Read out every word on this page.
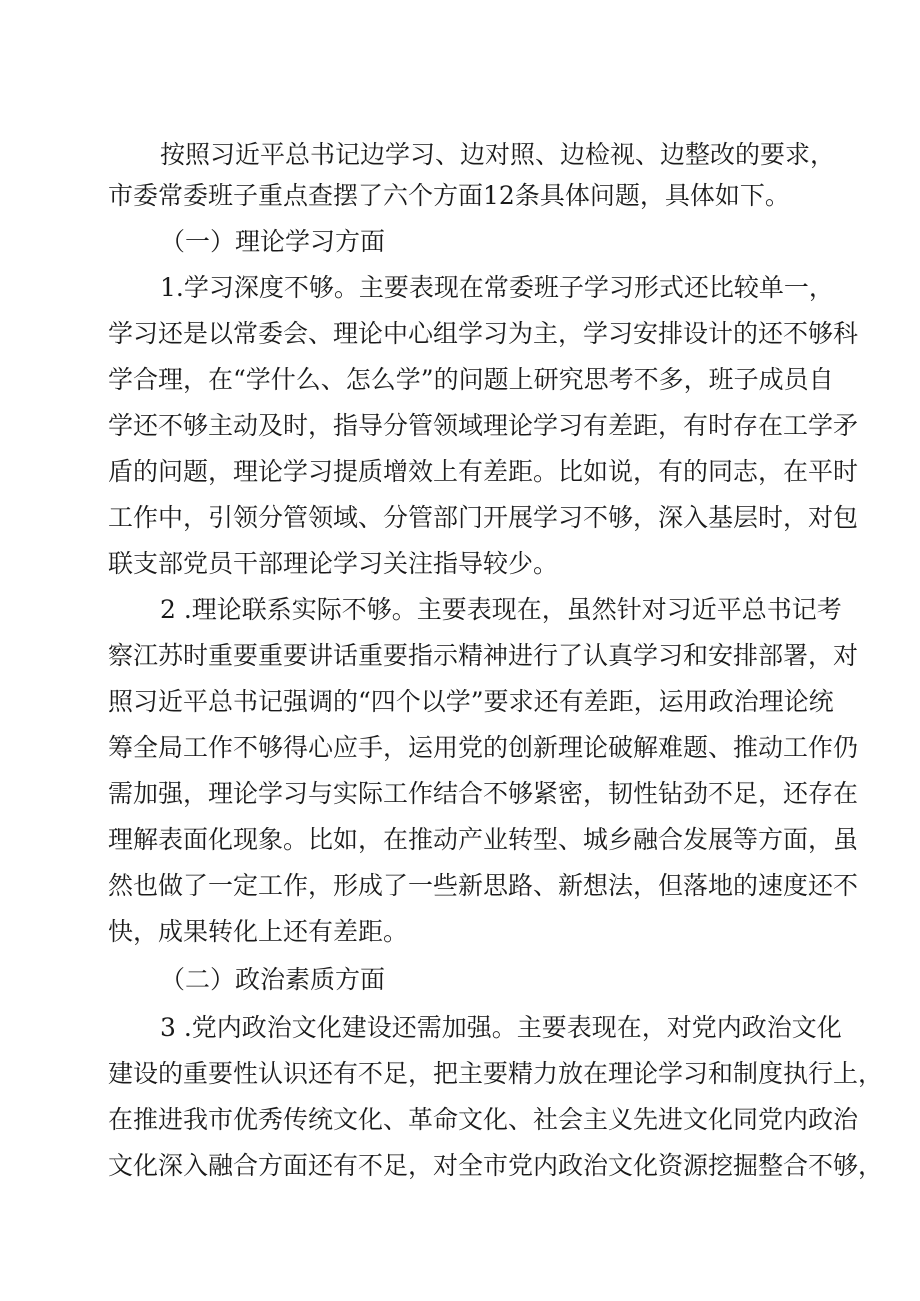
按照习近平总书记边学习、边对照、边检视、边整改的要求，
市委常委班子重点查摆了六个方面12条具体问题，具体如下。
（一）理论学习方面
1.学习深度不够。主要表现在常委班子学习形式还比较单一，
学习还是以常委会、理论中心组学习为主，学习安排设计的还不够科
学合理，在“学什么、怎么学”的问题上研究思考不多，班子成员自
学还不够主动及时，指导分管领域理论学习有差距，有时存在工学矛
盾的问题，理论学习提质增效上有差距。比如说，有的同志，在平时
工作中，引领分管领域、分管部门开展学习不够，深入基层时，对包
联支部党员干部理论学习关注指导较少。
2 .理论联系实际不够。主要表现在，虽然针对习近平总书记考
察江苏时重要重要讲话重要指示精神进行了认真学习和安排部署，对
照习近平总书记强调的“四个以学”要求还有差距，运用政治理论统
筹全局工作不够得心应手，运用党的创新理论破解难题、推动工作仍
需加强，理论学习与实际工作结合不够紧密，韧性钻劲不足，还存在
理解表面化现象。比如，在推动产业转型、城乡融合发展等方面，虽
然也做了一定工作，形成了一些新思路、新想法，但落地的速度还不
快，成果转化上还有差距。
（二）政治素质方面
3 .党内政治文化建设还需加强。主要表现在，对党内政治文化
建设的重要性认识还有不足，把主要精力放在理论学习和制度执行上，
在推进我市优秀传统文化、革命文化、社会主义先进文化同党内政治
文化深入融合方面还有不足，对全市党内政治文化资源挖掘整合不够，
